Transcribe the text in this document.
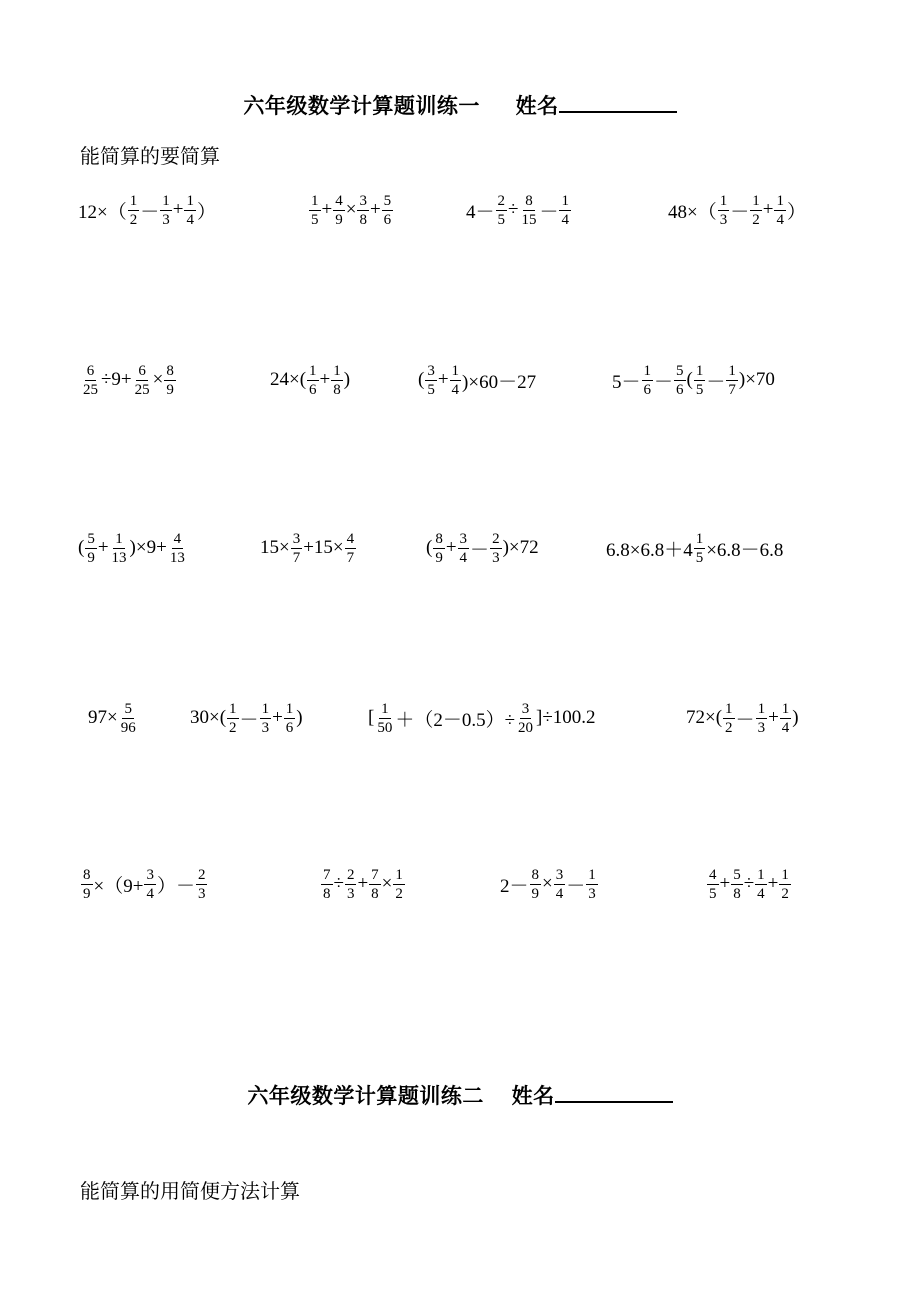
六年级数学计算题训练一 姓名
能简算的要简算
$12\times( \frac{1}{2} - \frac{1}{3} + \frac{1}{4}$ ）	$\frac{1}{5} + \frac{4}{9} \times \frac{3}{8} + \frac{5}{6}$	$4- \frac{2}{5} \div \frac{8}{15} - \frac{1}{4}$	$48\times( \frac{1}{3} - \frac{1}{2} + \frac{1}{4}$ ）
$\frac{6}{25} \div 9+ \frac{6}{25} \times \frac{8}{9}$	$24\times( \frac{1}{6} + \frac{1}{8}$ )	( $\frac{3}{5} + \frac{1}{4} )\times 60-27$	$5- \frac{1}{6} - \frac{5}{6}$ ( $\frac{1}{5} - \frac{1}{7} )\times 70$
( $\frac{5}{9} + \frac{1}{13} )\times 9+ \frac{4}{13}$	$15\times \frac{3}{7} +15\times \frac{4}{7}$	( $\frac{8}{9} + \frac{3}{4} - \frac{2}{3} )\times 72$	$6.8\times 6.8+4 \frac{1}{5} \times 6.8-6.8$
$97\times \frac{5}{96}$	$30\times( \frac{1}{2} - \frac{1}{3} + \frac{1}{6}$ )	[ $\frac{1}{50} +(2-0.5)\div \frac{3}{20} ]\div 100.2$	$72\times( \frac{1}{2} - \frac{1}{3} + \frac{1}{4}$ )
$\frac{8}{9} \times(9+ \frac{3}{4}$ ）－ $\frac{2}{3}$	$\frac{7}{8} \div \frac{2}{3} + \frac{7}{8} \times \frac{1}{2}$	$2- \frac{8}{9} \times \frac{3}{4} - \frac{1}{3}$	$\frac{4}{5} + \frac{5}{8} \div \frac{1}{4} + \frac{1}{2}$
六年级数学计算题训练二 姓名
能简算的用简便方法计算
